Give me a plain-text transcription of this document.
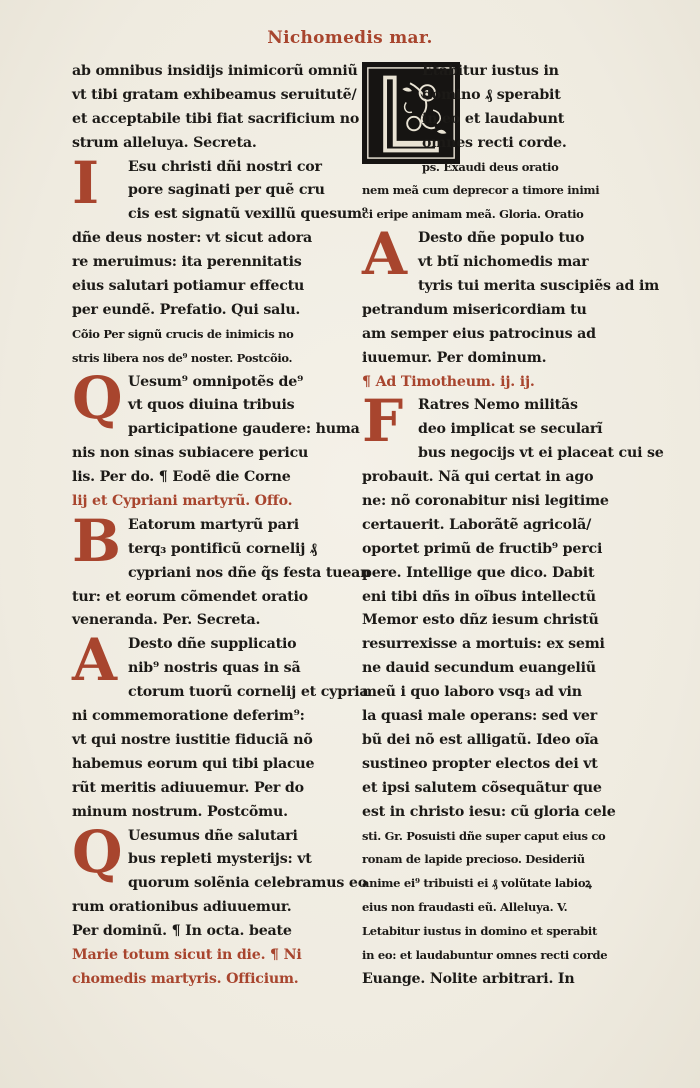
Nichomedis mar.
ab omnibus insidijs inimicorũ omniũ
vt tibi gratam exhibeamus seruitutẽ/
et acceptabile tibi fiat sacrificium no
strum alleluya. Secreta.
I	Esu christi dñi nostri cor
pore saginati per quẽ cru
cis est signatũ vexillũ quesum⁹
dñe deus noster: vt sicut adora
re meruimus: ita perennitatis
eius salutari potiamur effectu
per eundẽ. Prefatio. Qui salu.
Cõio Per signũ crucis de inimicis no
stris libera nos de⁹ noster. Postcõio.
Q Uesum⁹ omnipotẽs de⁹
vt quos diuina tribuis
participatione gaudere: huma
nis non sinas subiacere pericu
lis. Per do. ¶ Eodẽ die Corne
lij et Cypriani martyrũ. Offo.
B Eatorum martyrũ pari
terq₃ pontificũ cornelij ₰
cypriani nos dñe q̃s festa tuean
tur: et eorum cõmendet oratio
veneranda. Per. Secreta.
A Desto dñe supplicatio
nib⁹ nostris quas in sã
ctorum tuorũ cornelij et cypria
ni commemoratione deferim⁹:
vt qui nostre iustitie fiduciã nõ
habemus eorum qui tibi placue
rũt meritis adiuuemur. Per do
minum nostrum. Postcõmu.
Q Uesumus dñe salutari
bus repleti mysterijs: vt
quorum solẽnia celebramus eo
rum orationibus adiuuemur.
Per dominũ. ¶ In octa. beate
Marie totum sicut in die. ¶ Ni
chomedis martyris. Officium.
Etabitur iustus in
domino ₰ sperabit
in eo et laudabunt
omnes recti corde.
ps. Exaudi deus oratio
nem meã cum deprecor a timore inimi
ci eripe animam meã. Gloria. Oratio
A Desto dñe populo tuo
vt btĩ nichomedis mar
tyris tui merita suscipiẽs ad im
petrandum misericordiam tu
am semper eius patrocinus ad
iuuemur. Per dominum.
¶ Ad Timotheum. ij. ij.
F	Ratres Nemo militãs
deo implicat se secularĩ
bus negocijs vt ei placeat cui se
probauit. Nã qui certat in ago
ne: nõ coronabitur nisi legitime
certauerit. Laborãtẽ agricolã/
oportet primũ de fructib⁹ perci
pere. Intellige que dico. Dabit
eni tibi dñs in oĩbus intellectũ
Memor esto dñz iesum christũ
resurrexisse a mortuis: ex semi
ne dauid secundum euangeliũ
meũ i quo laboro vsq₃ ad vin
la quasi male operans: sed ver
bũ dei nõ est alligatũ. Ideo oĩa
sustineo propter electos dei vt
et ipsi salutem cõsequãtur que
est in christo iesu: cũ gloria cele
sti. Gr. Posuisti dñe super caput eius co
ronam de lapide precioso. Desideriũ
anime ei⁹ tribuisti ei ₰ volũtate labioꝝ
eius non fraudasti eũ. Alleluya. V.
Letabitur iustus in domino et sperabit
in eo: et laudabuntur omnes recti corde
Euange. Nolite arbitrari. In
